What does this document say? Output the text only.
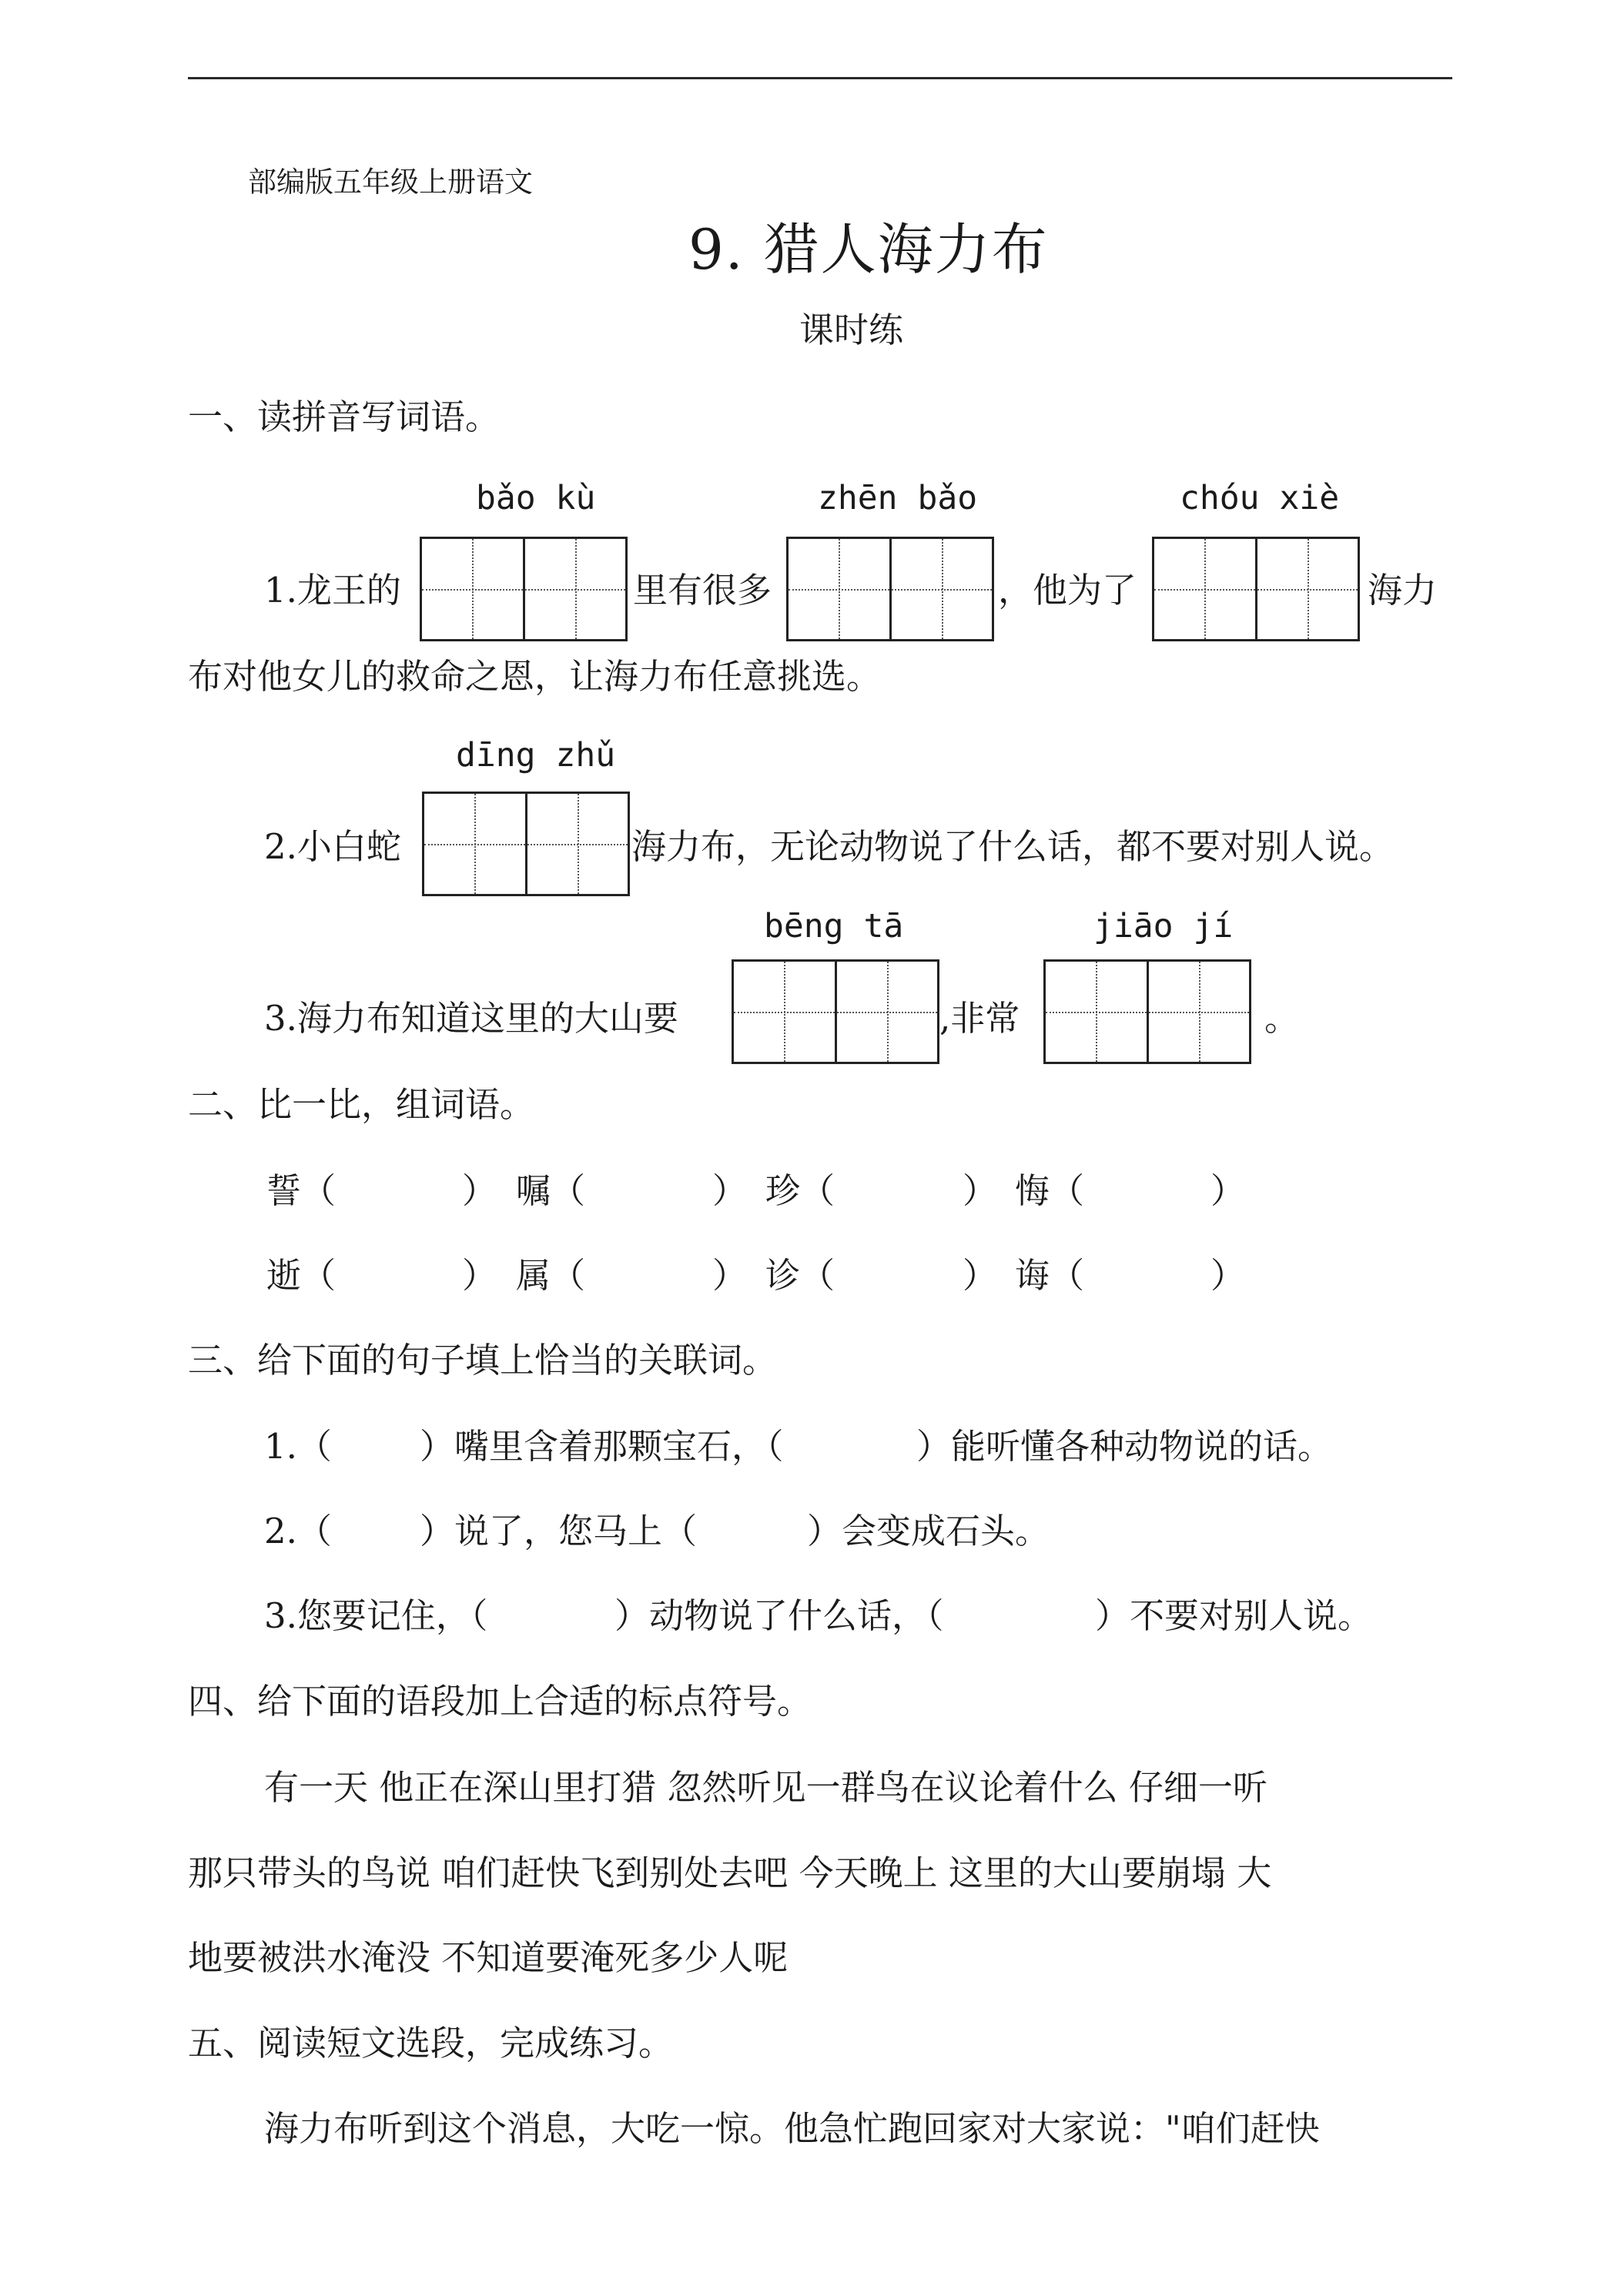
部编版五年级上册语文
9. 猎人海力布
课时练
一、读拼音写词语。
bǎo kù	zhēn bǎo	chóu xiè
1.龙王的	里有很多	，他为了	海力
布对他女儿的救命之恩，让海力布任意挑选。
dīng zhǔ
2.小白蛇	海力布，无论动物说了什么话，都不要对别人说。
bēng tā	jiāo jí
3.海力布知道这里的大山要	,非常	。
二、比一比，组词语。
誓（	） 嘱（	） 珍（	） 悔（	）
逝（	） 属（	） 诊（	） 诲（	）
三、给下面的句子填上恰当的关联词。
1.（	）嘴里含着那颗宝石，（	）能听懂各种动物说的话。
2.（	）说了，您马上（	）会变成石头。
3.您要记住，（	）动物说了什么话，（	）不要对别人说。
四、给下面的语段加上合适的标点符号。
有一天 他正在深山里打猎 忽然听见一群鸟在议论着什么 仔细一听
那只带头的鸟说 咱们赶快飞到别处去吧 今天晚上 这里的大山要崩塌 大
地要被洪水淹没 不知道要淹死多少人呢
五、阅读短文选段，完成练习。
海力布听到这个消息，大吃一惊。他急忙跑回家对大家说："咱们赶快
